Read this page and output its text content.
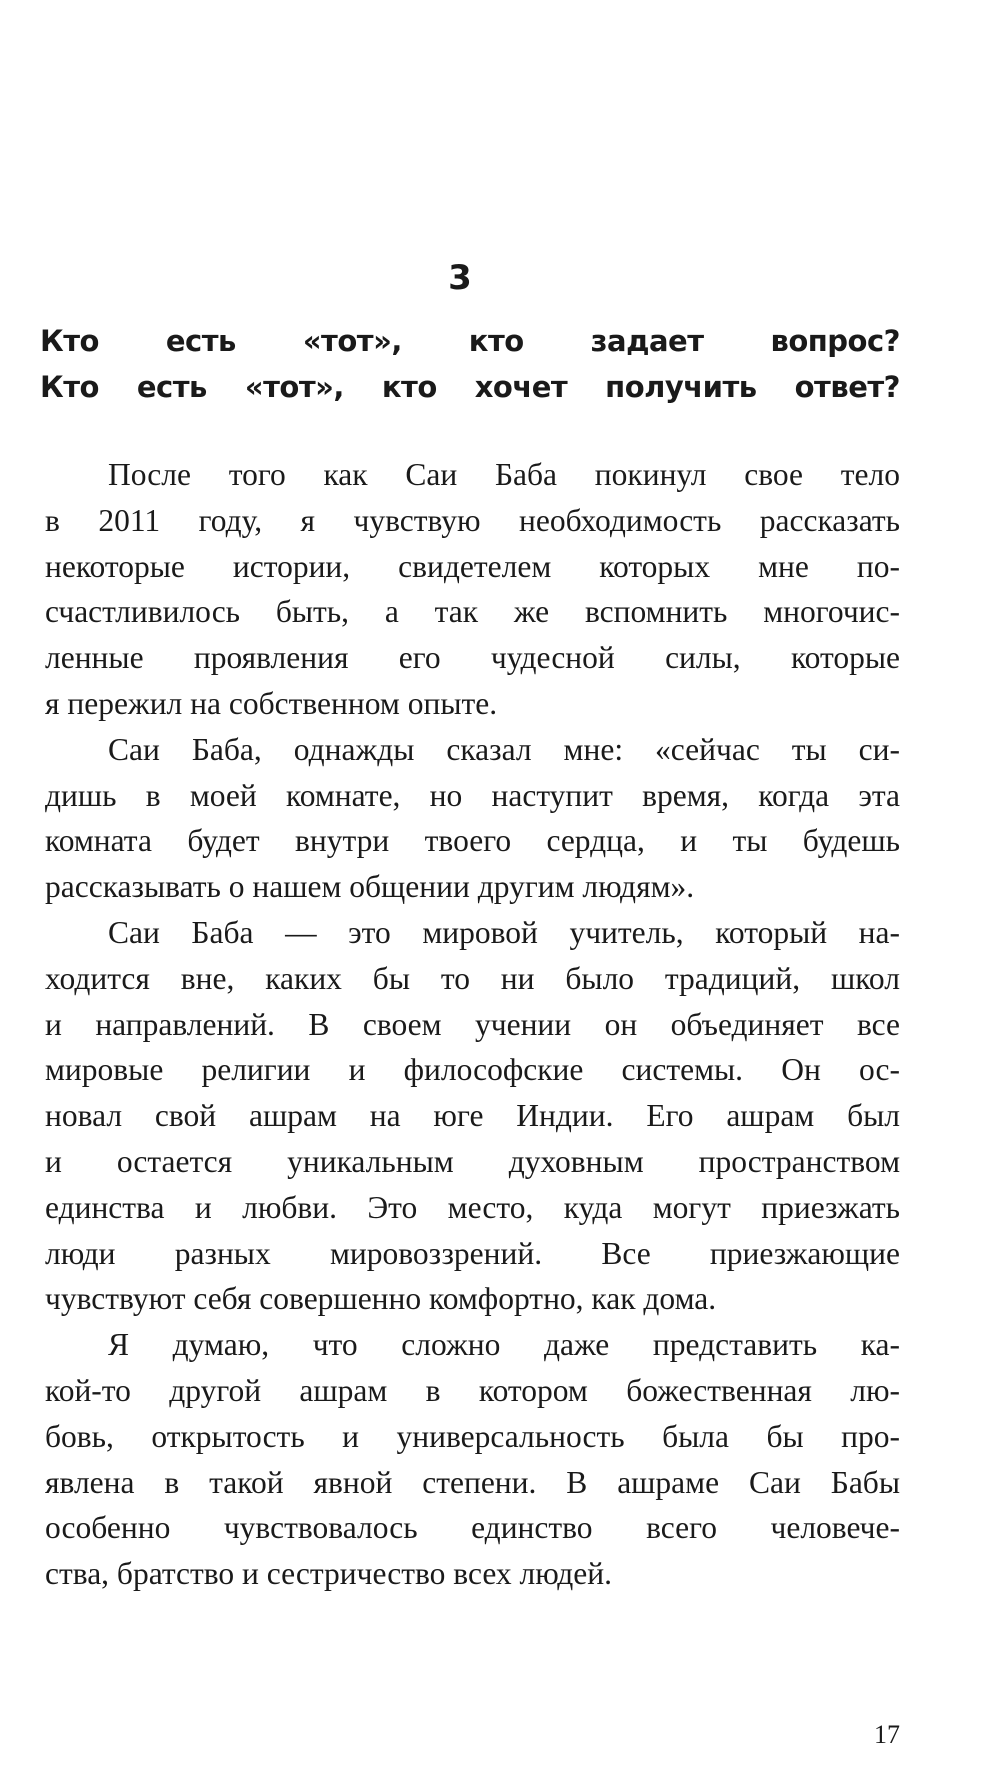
3
Кто есть «тот», кто задает вопрос?
Кто есть «тот», кто хочет получить ответ?
После того как Саи Баба покинул свое тело
в 2011 году, я чувствую необходимость рассказать
некоторые истории, свидетелем которых мне по-
счастливилось быть, а так же вспомнить многочис-
ленные проявления его чудесной силы, которые
я пережил на собственном опыте.
Саи Баба, однажды сказал мне: «сейчас ты си-
дишь в моей комнате, но наступит время, когда эта
комната будет внутри твоего сердца, и ты будешь
рассказывать о нашем общении другим людям».
Саи Баба — это мировой учитель, который на-
ходится вне, каких бы то ни было традиций, школ
и направлений. В своем учении он объединяет все
мировые религии и философские системы. Он ос-
новал свой ашрам на юге Индии. Его ашрам был
и остается уникальным духовным пространством
единства и любви. Это место, куда могут приезжать
люди разных мировоззрений. Все приезжающие
чувствуют себя совершенно комфортно, как дома.
Я думаю, что сложно даже представить ка-
кой-то другой ашрам в котором божественная лю-
бовь, открытость и универсальность была бы про-
явлена в такой явной степени. В ашраме Саи Бабы
особенно чувствовалось единство всего человече-
ства, братство и сестричество всех людей.
17
